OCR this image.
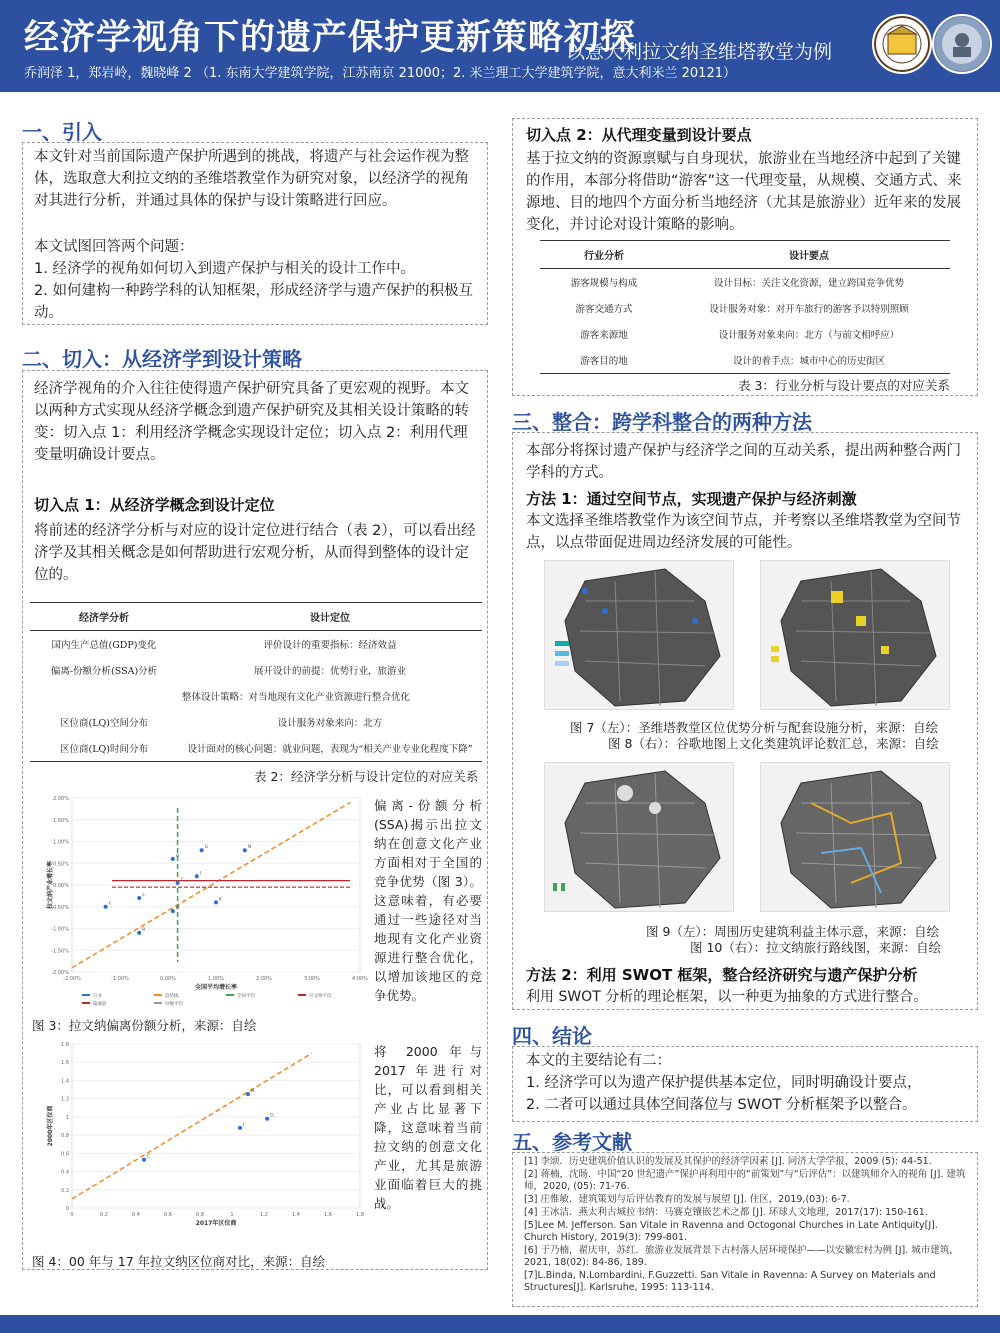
经济学视角下的遗产保护更新策略初探
以意大利拉文纳圣维塔教堂为例
乔润泽 1，郑岩岭，魏晓峰 2 （1. 东南大学建筑学院，江苏南京 21000；2. 米兰理工大学建筑学院，意大利米兰 20121）
一、引入
本文针对当前国际遗产保护所遇到的挑战，将遗产与社会运作视为整体，选取意大利拉文纳的圣维塔教堂作为研究对象，以经济学的视角对其进行分析，并通过具体的保护与设计策略进行回应。
本文试图回答两个问题：
1. 经济学的视角如何切入到遗产保护与相关的设计工作中。
2. 如何建构一种跨学科的认知框架，形成经济学与遗产保护的积极互动。
二、切入：从经济学到设计策略
经济学视角的介入往往使得遗产保护研究具备了更宏观的视野。本文以两种方式实现从经济学概念到遗产保护研究及其相关设计策略的转变：切入点 1：利用经济学概念实现设计定位；切入点 2：利用代理变量明确设计要点。
切入点 1：从经济学概念到设计定位
将前述的经济学分析与对应的设计定位进行结合（表 2），可以看出经济学及其相关概念是如何帮助进行宏观分析，从而得到整体的设计定位的。
经济学分析	设计定位
国内生产总值(GDP)变化	评价设计的重要指标：经济效益
偏离-份额分析(SSA)分析	展开设计的前提：优势行业，旅游业
	整体设计策略：对当地现有文化产业资源进行整合优化
区位商(LQ)空间分布	设计服务对象来向：北方
区位商(LQ)时间分布	设计面对的核心问题：就业问题，表现为“相关产业专业化程度下降”
表 2：经济学分析与设计定位的对应关系
-2.00%
-1.50%
-1.00%
-0.50%
0.00%
0.50%
1.00%
1.50%
2.00%
-2.00%	-1.00%	0.00%	1.00%	2.00%	3.00%	4.00%
G	N
C
L
F
R
K
I
H
M
全国平均增长率
拉文纳产业增长率
行业	趋势线	全国平均	拉文纳平均
偏离值	份额平均
偏离-份额分析(SSA)揭示出拉文纳在创意文化产业方面相对于全国的竞争优势（图 3）。这意味着，有必要通过一些途径对当地现有文化产业资源进行整合优化，以增加该地区的竞争优势。
图 3：拉文纳偏离份额分析，来源：自绘
0
0.2
0.4
0.6
0.8
1
1.2
1.4
1.6
1.8
0	0.2	0.4	0.6	0.8	1	1.2	1.4	1.6	1.8
N
G
I
C
2017年区位商
2000年区位商
将 2000 年与 2017 年进行对比，可以看到相关产业占比显著下降，这意味着当前拉文纳的创意文化产业，尤其是旅游业面临着巨大的挑战。
图 4：00 年与 17 年拉文纳区位商对比，来源：自绘
切入点 2：从代理变量到设计要点
基于拉文纳的资源禀赋与自身现状，旅游业在当地经济中起到了关键的作用，本部分将借助“游客”这一代理变量，从规模、交通方式、来源地、目的地四个方面分析当地经济（尤其是旅游业）近年来的发展变化，并讨论对设计策略的影响。
行业分析	设计要点
游客规模与构成	设计目标：关注文化资源，建立跨国竞争优势
游客交通方式	设计服务对象：对开车旅行的游客予以特别照顾
游客来源地	设计服务对象来向：北方（与前文相呼应）
游客目的地	设计的着手点：城市中心的历史街区
表 3：行业分析与设计要点的对应关系
三、整合：跨学科整合的两种方法
本部分将探讨遗产保护与经济学之间的互动关系，提出两种整合两门学科的方式。
方法 1：通过空间节点，实现遗产保护与经济刺激
本文选择圣维塔教堂作为该空间节点，并考察以圣维塔教堂为空间节点，以点带面促进周边经济发展的可能性。
图 7（左）：圣维塔教堂区位优势分析与配套设施分析，来源：自绘
图 8（右）：谷歌地图上文化类建筑评论数汇总，来源：自绘
图 9（左）：周围历史建筑利益主体示意，来源：自绘
图 10（右）：拉文纳旅行路线图，来源：自绘
方法 2：利用 SWOT 框架，整合经济研究与遗产保护分析
利用 SWOT 分析的理论框架，以一种更为抽象的方式进行整合。
四、结论
本文的主要结论有二：
1. 经济学可以为遗产保护提供基本定位，同时明确设计要点，
2. 二者可以通过具体空间落位与 SWOT 分析框架予以整合。
五、参考文献
[1] 李颂．历史建筑价值认识的发展及其保护的经济学因素 [J]. 同济大学学报，2009 (5): 44-51.
[2] 蒋楠，沈旸．中国“20 世纪遗产”保护再利用中的“前策划”与“后评估”：以建筑师介入的视角 [J]. 建筑师，2020, (05): 71-76.
[3] 庄惟敏．建筑策划与后评估教育的发展与展望 [J]. 住区，2019,(03): 6-7.
[4] 王冰洁．燕太利古城拉韦纳：马赛克镶嵌艺术之都 [J]. 环球人文地理，2017(17): 150-161.
[5]Lee M. Jefferson. San Vitale in Ravenna and Octogonal Churches in Late Antiquity[J]. Church History, 2019(3): 799-801.
[6] 于乃楠，翟庆申，苏红．旅游业发展背景下古村落人居环境保护——以安徽宏村为例 [J]. 城市建筑，2021, 18(02): 84-86, 189.
[7]L.Binda, N.Lombardini, F.Guzzetti. San Vitale in Ravenna: A Survey on Materials and Structures[J]. Karlsruhe, 1995: 113-114.
